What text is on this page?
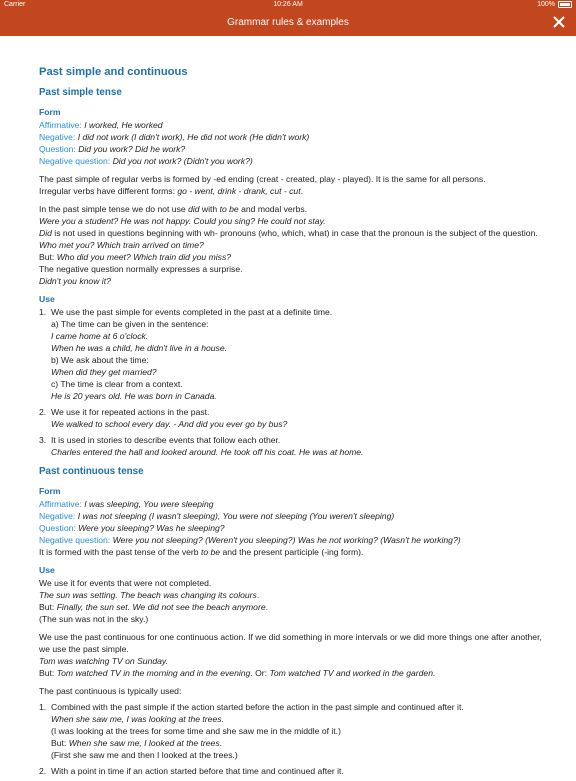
Carrier	10:26 AM	100%
Grammar rules & examples
Past simple and continuous
Past simple tense
Form
Affirmative: I worked, He worked
Negative: I did not work (I didn't work), He did not work (He didn't work)
Question: Did you work? Did he work?
Negative question: Did you not work? (Didn't you work?)
The past simple of regular verbs is formed by -ed ending (creat - created, play - played). It is the same for all persons.
Irregular verbs have different forms: go - went, drink - drank, cut - cut.
In the past simple tense we do not use did with to be and modal verbs.
Were you a student? He was not happy. Could you sing? He could not stay.
Did is not used in questions beginning with wh- pronouns (who, which, what) in case that the pronoun is the subject of the question.
Who met you? Which train arrived on time?
But: Who did you meet? Which train did you miss?
The negative question normally expresses a surprise.
Didn't you know it?
Use
1. We use the past simple for events completed in the past at a definite time.
a) The time can be given in the sentence:
I came home at 6 o'clock.
When he was a child, he didn't live in a house.
b) We ask about the time:
When did they get married?
c) The time is clear from a context.
He is 20 years old. He was born in Canada.
2. We use it for repeated actions in the past.
We walked to school every day. - And did you ever go by bus?
3. It is used in stories to describe events that follow each other.
Charles entered the hall and looked around. He took off his coat. He was at home.
Past continuous tense
Form
Affirmative: I was sleeping, You were sleeping
Negative: I was not sleeping (I wasn't sleeping), You were not sleeping (You weren't sleeping)
Question: Were you sleeping? Was he sleeping?
Negative question: Were you not sleeping? (Weren't you sleeping?) Was he not working? (Wasn't he working?)
It is formed with the past tense of the verb to be and the present participle (-ing form).
Use
We use it for events that were not completed.
The sun was setting. The beach was changing its colours.
But: Finally, the sun set. We did not see the beach anymore.
(The sun was not in the sky.)
We use the past continuous for one continuous action. If we did something in more intervals or we did more things one after another, we use the past simple.
Tom was watching TV on Sunday.
But: Tom watched TV in the morning and in the evening. Or: Tom watched TV and worked in the garden.
The past continuous is typically used:
1. Combined with the past simple if the action started before the action in the past simple and continued after it.
When she saw me, I was looking at the trees.
(I was looking at the trees for some time and she saw me in the middle of it.)
But: When she saw me, I looked at the trees.
(First she saw me and then I looked at the trees.)
2. With a point in time if an action started before that time and continued after it.
